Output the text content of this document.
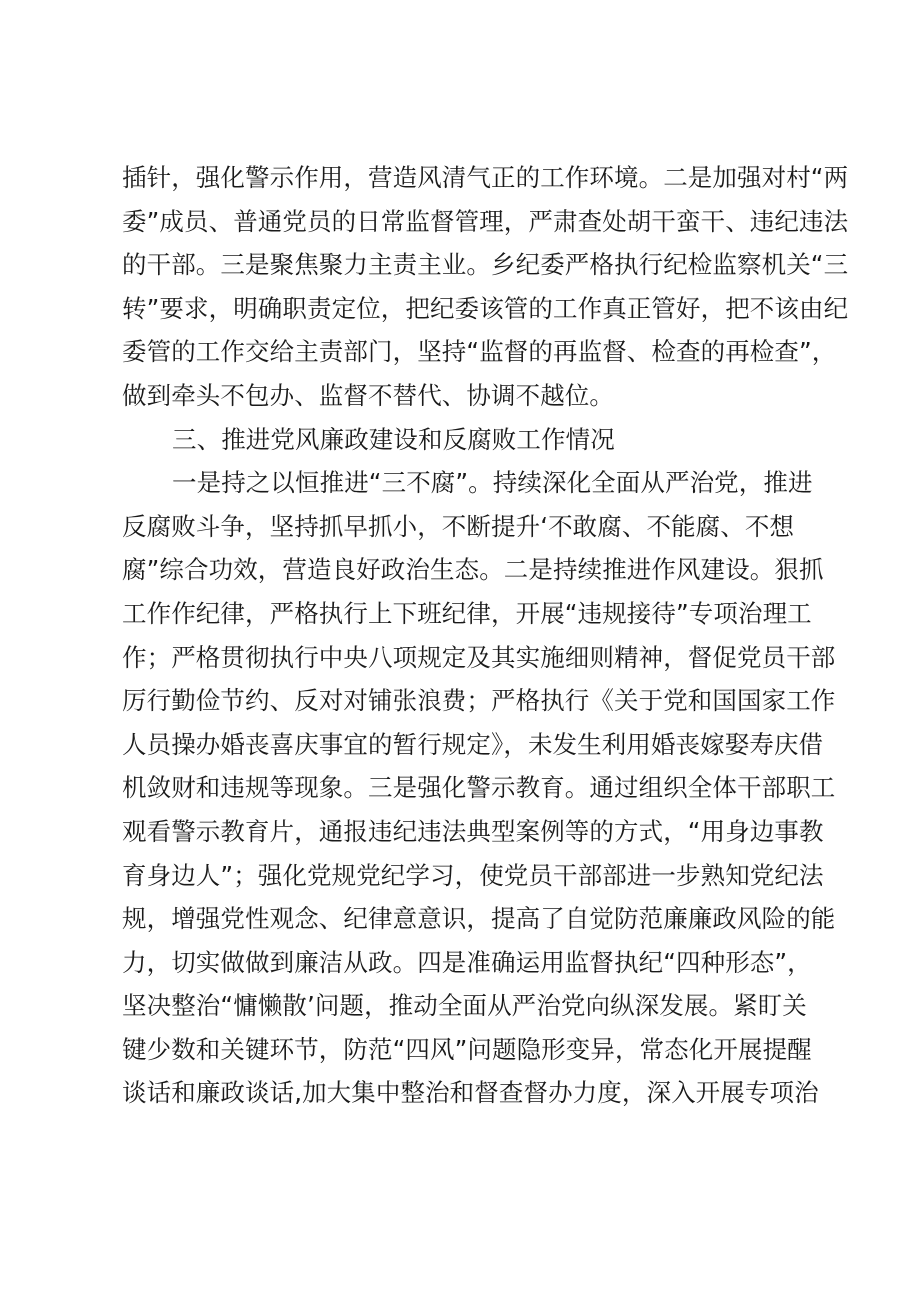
插针，强化警示作用，营造风清气正的工作环境。二是加强对村“两
委”成员、普通党员的日常监督管理，严肃查处胡干蛮干、违纪违法
的干部。三是聚焦聚力主责主业。乡纪委严格执行纪检监察机关“三
转”要求，明确职责定位，把纪委该管的工作真正管好，把不该由纪
委管的工作交给主责部门，坚持“监督的再监督、检查的再检查”，
做到牵头不包办、监督不替代、协调不越位。
三、推进党风廉政建设和反腐败工作情况
一是持之以恒推进“三不腐”。持续深化全面从严治党，推进
反腐败斗争，坚持抓早抓小，不断提升‘不敢腐、不能腐、不想
腐”综合功效，营造良好政治生态。二是持续推进作风建设。狠抓
工作作纪律，严格执行上下班纪律，开展“违规接待”专项治理工
作；严格贯彻执行中央八项规定及其实施细则精神，督促党员干部
厉行勤俭节约、反对对铺张浪费；严格执行《关于党和国国家工作
人员操办婚丧喜庆事宜的暂行规定》，未发生利用婚丧嫁娶寿庆借
机敛财和违规等现象。三是强化警示教育。通过组织全体干部职工
观看警示教育片，通报违纪违法典型案例等的方式，“用身边事教
育身边人”；强化党规党纪学习，使党员干部部进一步熟知党纪法
规，增强党性观念、纪律意意识，提高了自觉防范廉廉政风险的能
力，切实做做到廉洁从政。四是准确运用监督执纪“四种形态”，
坚决整治“慵懒散’问题，推动全面从严治党向纵深发展。紧盯关
键少数和关键环节，防范“四风”问题隐形变异，常态化开展提醒
谈话和廉政谈话,加大集中整治和督查督办力度，深入开展专项治
